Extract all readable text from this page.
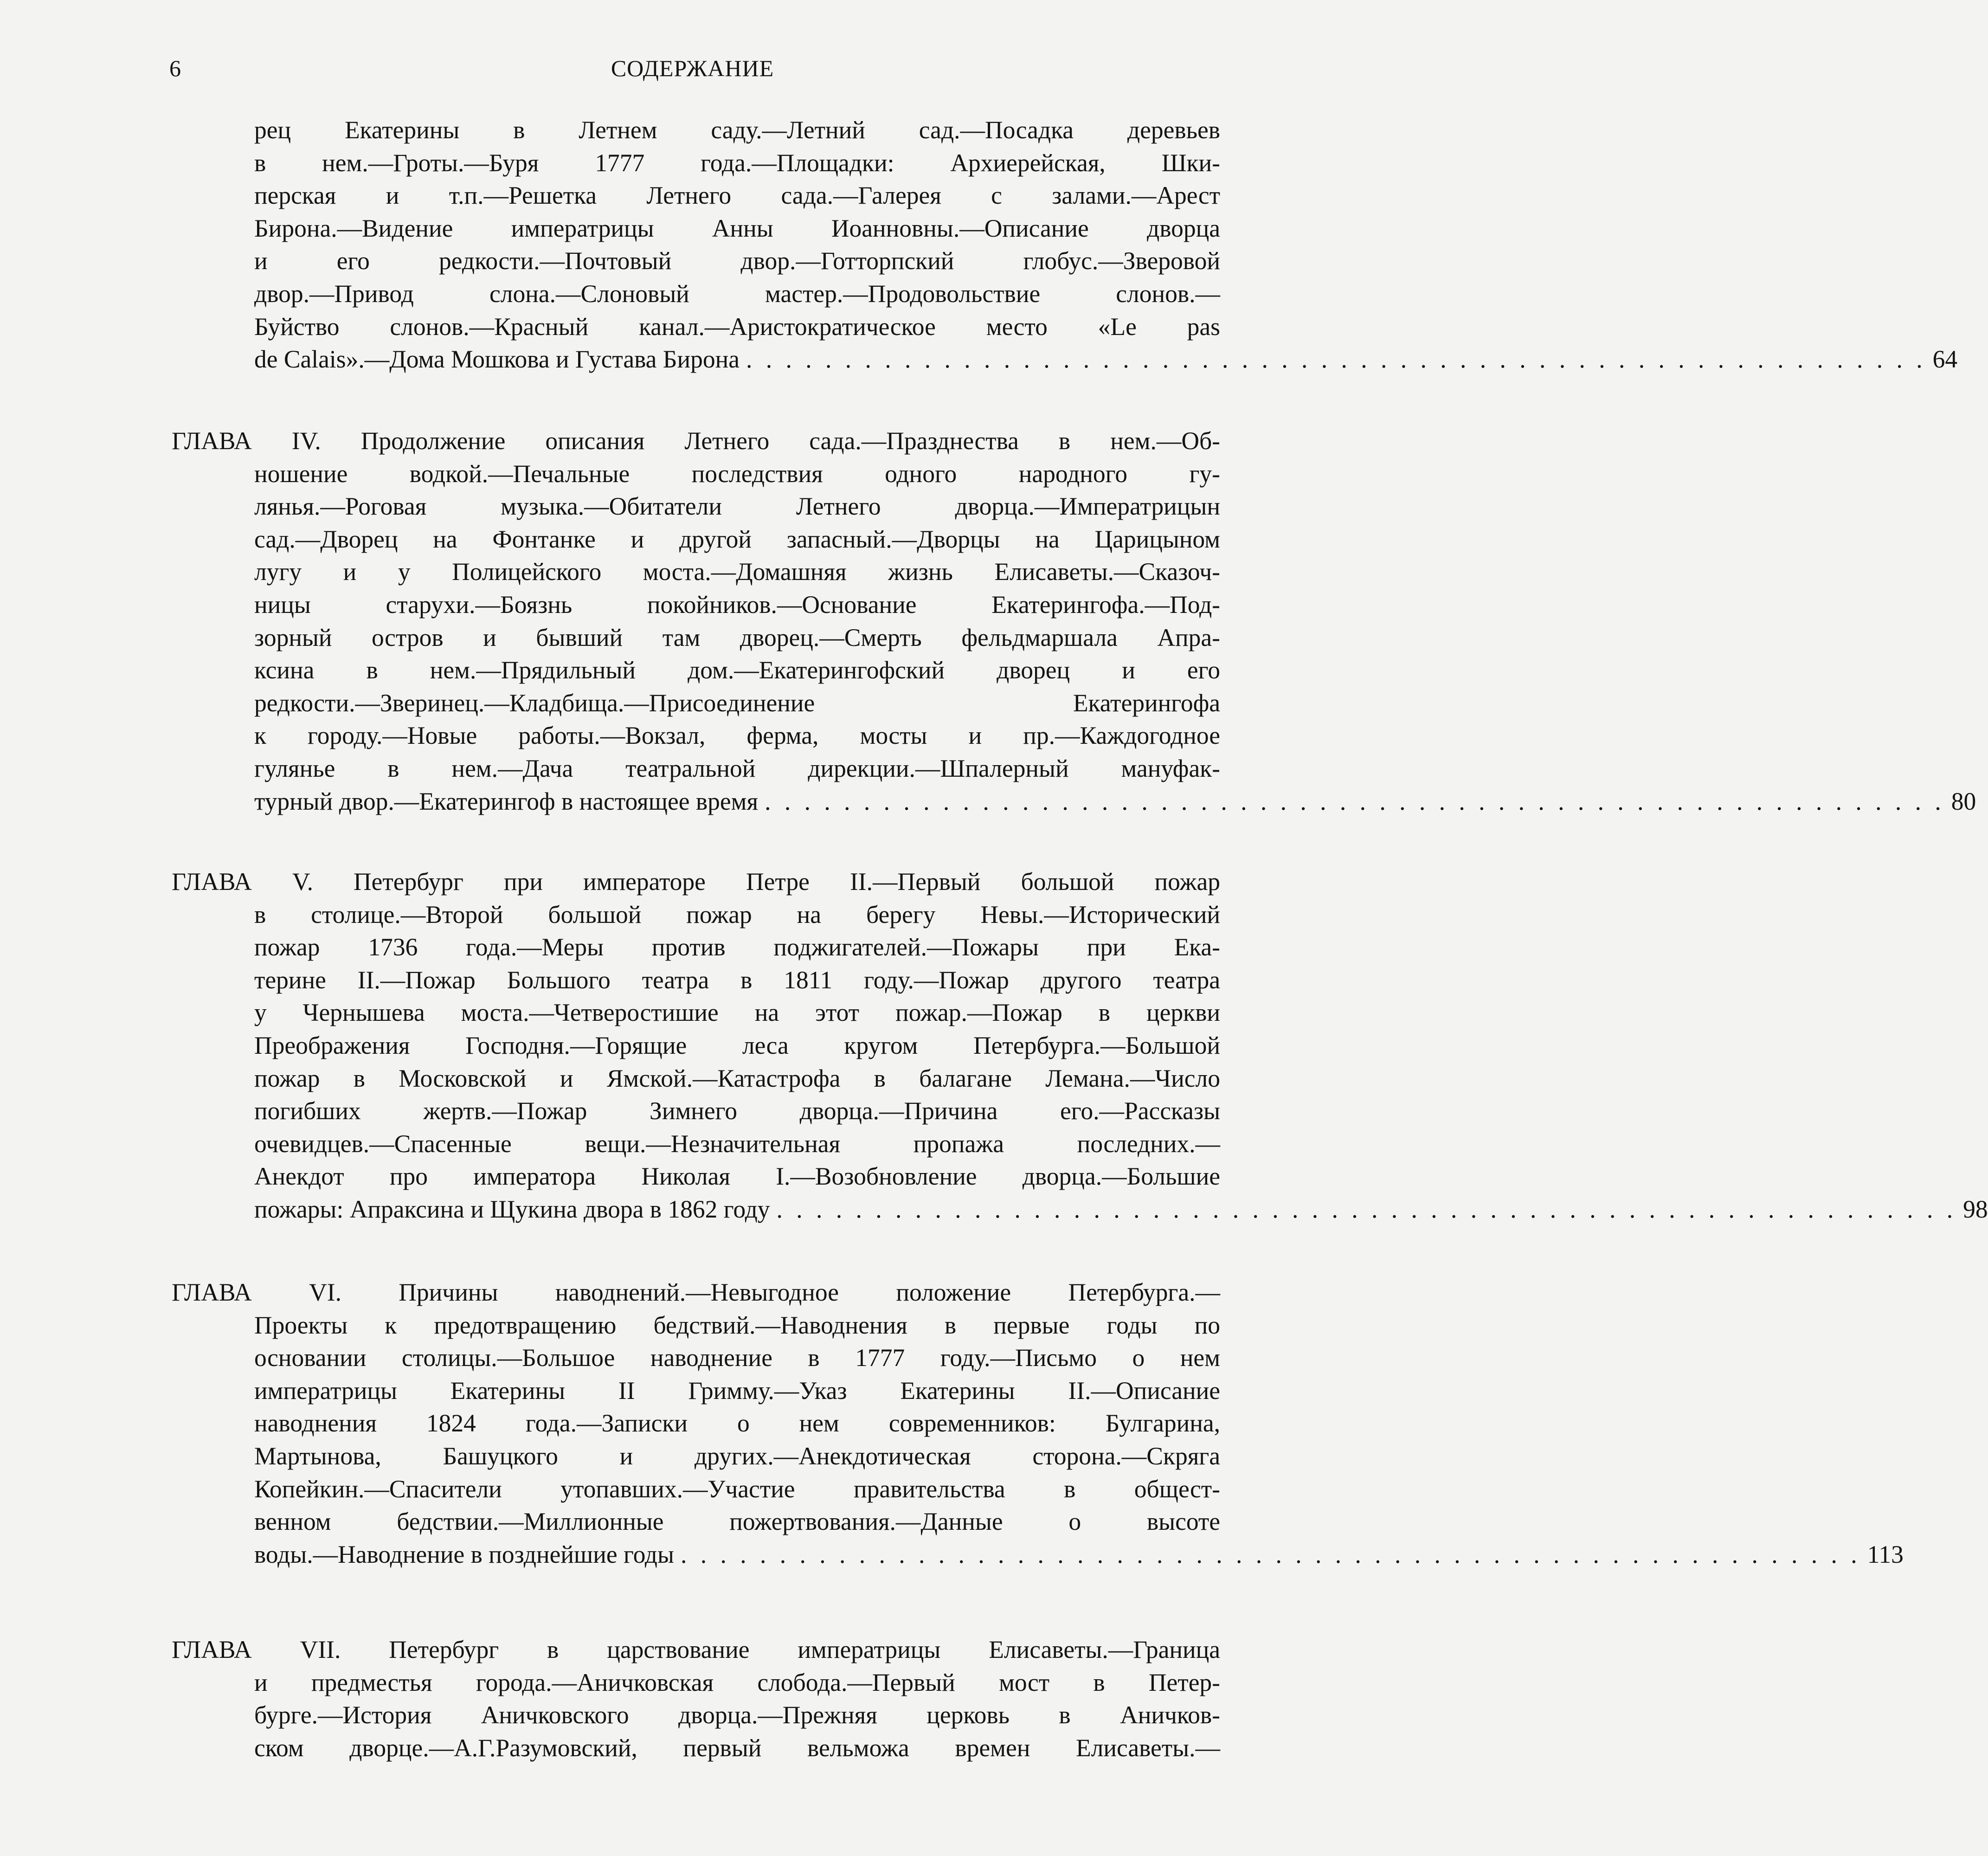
6	СОДЕРЖАНИЕ
рец Екатерины в Летнем саду.—Летний сад.—Посадка деревьев
в нем.—Гроты.—Буря 1777 года.—Площадки: Архиерейская, Шки-
перская и т.п.—Решетка Летнего сада.—Галерея с залами.—Арест
Бирона.—Видение императрицы Анны Иоанновны.—Описание дворца
и его редкости.—Почтовый двор.—Готторпский глобус.—Зверовой
двор.—Привод слона.—Слоновый мастер.—Продовольствие слонов.—
Буйство слонов.—Красный канал.—Аристократическое место «Le pas
de Calais».—Дома Мошкова и Густава Бирона . . . . . . . . . . . . . . . . . . . . . . . . . . . . . . . . . . . . . . . . . . . . . . . . . . . . . . . . . . . . 64
ГЛАВА IV. Продолжение описания Летнего сада.—Празднества в нем.—Об-
ношение водкой.—Печальные последствия одного народного гу-
лянья.—Роговая музыка.—Обитатели Летнего дворца.—Императрицын
сад.—Дворец на Фонтанке и другой запасный.—Дворцы на Царицыном
лугу и у Полицейского моста.—Домашняя жизнь Елисаветы.—Сказоч-
ницы старухи.—Боязнь покойников.—Основание Екатерингофа.—Под-
зорный остров и бывший там дворец.—Смерть фельдмаршала Апра-
ксина в нем.—Прядильный дом.—Екатерингофский дворец и его
редкости.—Зверинец.—Кладбища.—Присоединение Екатерингофа
к городу.—Новые работы.—Вокзал, ферма, мосты и пр.—Каждогодное
гулянье в нем.—Дача театральной дирекции.—Шпалерный мануфак-
турный двор.—Екатерингоф в настоящее время . . . . . . . . . . . . . . . . . . . . . . . . . . . . . . . . . . . . . . . . . . . . . . . . . . . . . . . . . . . . 80
ГЛАВА V. Петербург при императоре Петре II.—Первый большой пожар
в столице.—Второй большой пожар на берегу Невы.—Исторический
пожар 1736 года.—Меры против поджигателей.—Пожары при Ека-
терине II.—Пожар Большого театра в 1811 году.—Пожар другого театра
у Чернышева моста.—Четверостишие на этот пожар.—Пожар в церкви
Преображения Господня.—Горящие леса кругом Петербурга.—Большой
пожар в Московской и Ямской.—Катастрофа в балагане Лемана.—Число
погибших жертв.—Пожар Зимнего дворца.—Причина его.—Рассказы
очевидцев.—Спасенные вещи.—Незначительная пропажа последних.—
Анекдот про императора Николая I.—Возобновление дворца.—Большие
пожары: Апраксина и Щукина двора в 1862 году . . . . . . . . . . . . . . . . . . . . . . . . . . . . . . . . . . . . . . . . . . . . . . . . . . . . . . . . . . . . 98
ГЛАВА VI. Причины наводнений.—Невыгодное положение Петербурга.—
Проекты к предотвращению бедствий.—Наводнения в первые годы по
основании столицы.—Большое наводнение в 1777 году.—Письмо о нем
императрицы Екатерины II Гримму.—Указ Екатерины II.—Описание
наводнения 1824 года.—Записки о нем современников: Булгарина,
Мартынова, Башуцкого и других.—Анекдотическая сторона.—Скряга
Копейкин.—Спасители утопавших.—Участие правительства в общест-
венном бедствии.—Миллионные пожертвования.—Данные о высоте
воды.—Наводнение в позднейшие годы . . . . . . . . . . . . . . . . . . . . . . . . . . . . . . . . . . . . . . . . . . . . . . . . . . . . . . . . . . . . 113
ГЛАВА VII. Петербург в царствование императрицы Елисаветы.—Граница
и предместья города.—Аничковская слобода.—Первый мост в Петер-
бурге.—История Аничковского дворца.—Прежняя церковь в Аничков-
ском дворце.—А.Г.Разумовский, первый вельможа времен Елисаветы.—
